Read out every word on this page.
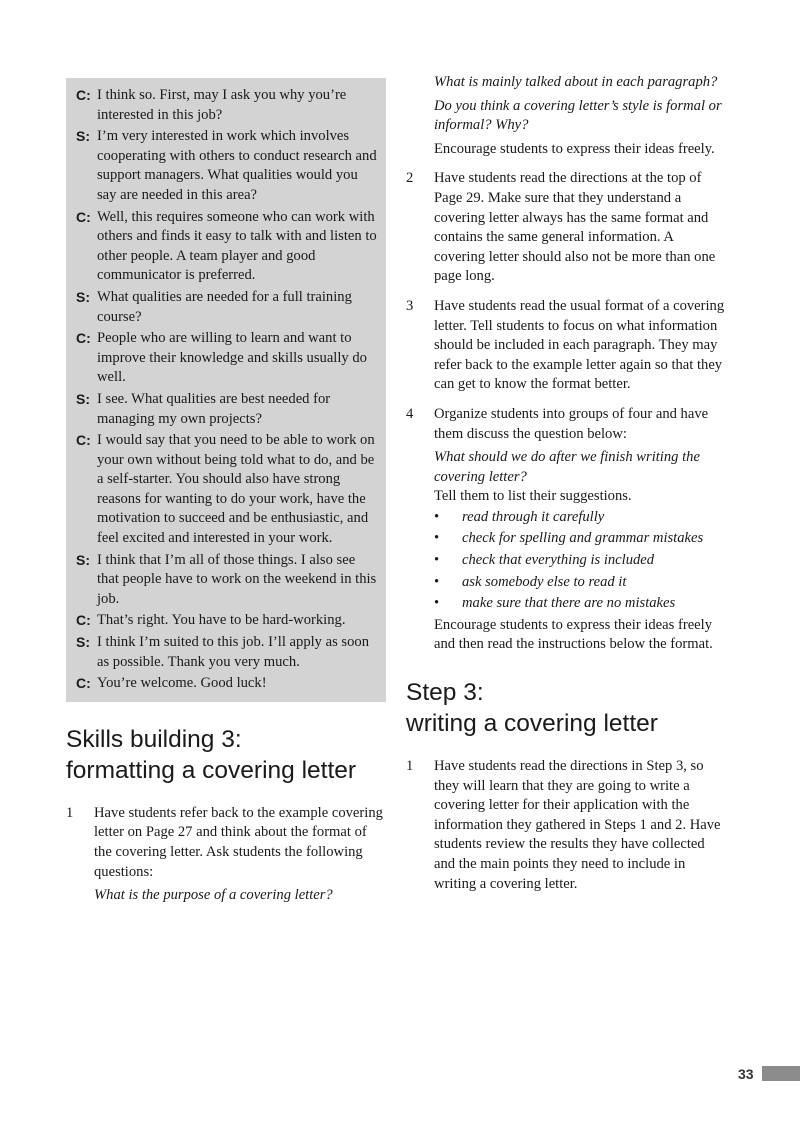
C: I think so. First, may I ask you why you’re interested in this job?
S: I’m very interested in work which involves cooperating with others to conduct research and support managers. What qualities would you say are needed in this area?
C: Well, this requires someone who can work with others and finds it easy to talk with and listen to other people. A team player and good communicator is preferred.
S: What qualities are needed for a full training course?
C: People who are willing to learn and want to improve their knowledge and skills usually do well.
S: I see. What qualities are best needed for managing my own projects?
C: I would say that you need to be able to work on your own without being told what to do, and be a self-starter. You should also have strong reasons for wanting to do your work, have the motivation to succeed and be enthusiastic, and feel excited and interested in your work.
S: I think that I’m all of those things. I also see that people have to work on the weekend in this job.
C: That’s right. You have to be hard-working.
S: I think I’m suited to this job. I’ll apply as soon as possible. Thank you very much.
C: You’re welcome. Good luck!
Skills building 3:
formatting a covering letter
1	Have students refer back to the example covering letter on Page 27 and think about the format of the covering letter. Ask students the following questions:

What is the purpose of a covering letter?

What is mainly talked about in each paragraph?

Do you think a covering letter’s style is formal or informal? Why?

Encourage students to express their ideas freely.

2	Have students read the directions at the top of Page 29. Make sure that they understand a covering letter always has the same format and contains the same general information. A covering letter should also not be more than one page long.

3	Have students read the usual format of a covering letter. Tell students to focus on what information should be included in each paragraph. They may refer back to the example letter again so that they can get to know the format better.

4	Organize students into groups of four and have them discuss the question below:

What should we do after we finish writing the covering letter?

Tell them to list their suggestions.

•	read through it carefully
•	check for spelling and grammar mistakes
•	check that everything is included
•	ask somebody else to read it
•	make sure that there are no mistakes

Encourage students to express their ideas freely and then read the instructions below the format.

Step 3:
writing a covering letter
1	Have students read the directions in Step 3, so they will learn that they are going to write a covering letter for their application with the information they gathered in Steps 1 and 2. Have students review the results they have collected and the main points they need to include in writing a covering letter.

33
